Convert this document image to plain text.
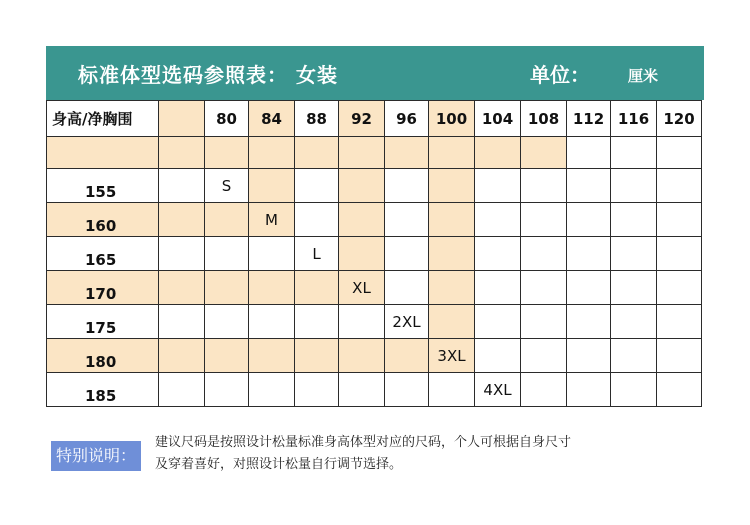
标准体型选码参照表： 女装	单位：	厘米
身高/净胸围		80	84	88	92	96	100	104	108	112	116	120

155		S										
160			M									
165				L								
170					XL							
175						2XL						
180							3XL					
185								4XL				
特别说明：
建议尺码是按照设计松量标准身高体型对应的尺码，个人可根据自身尺寸
及穿着喜好，对照设计松量自行调节选择。
